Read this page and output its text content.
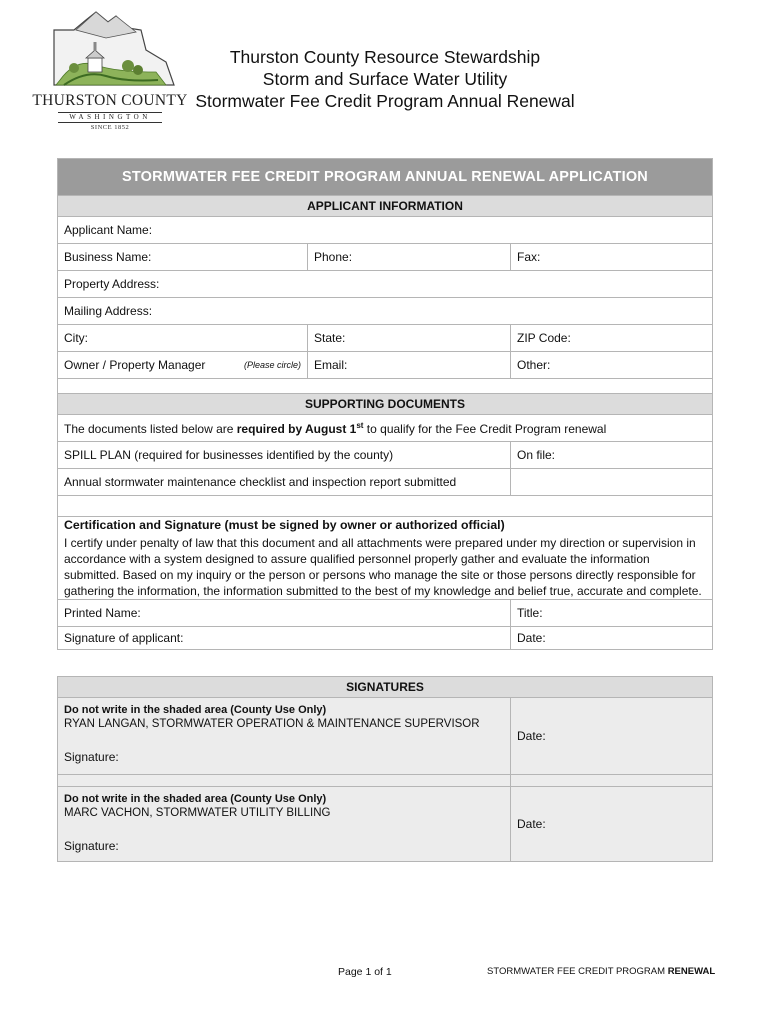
THURSTON COUNTY
WASHINGTON
SINCE 1852
Thurston County Resource Stewardship
Storm and Surface Water Utility
Stormwater Fee Credit Program Annual Renewal
STORMWATER FEE CREDIT PROGRAM ANNUAL RENEWAL APPLICATION		
APPLICANT INFORMATION		
Applicant Name:		
Business Name:	Phone:	Fax:
Property Address:		
Mailing Address:		
City:	State:	ZIP Code:
Owner / Property Manager (Please circle)	Email:	Other:

SUPPORTING DOCUMENTS		
The documents listed below are required by August 1st to qualify for the Fee Credit Program renewal		
SPILL PLAN (required for businesses identified by the county)		On file:
Annual stormwater maintenance checklist and inspection report submitted		

Certification and Signature (must be signed by owner or authorized official)
I certify under penalty of law that this document and all attachments were prepared under my direction or supervision in accordance with a system designed to assure qualified personnel properly gather and evaluate the information submitted. Based on my inquiry or the person or persons who manage the site or those persons directly responsible for gathering the information, the information submitted to the best of my knowledge and belief true, accurate and complete.		
Printed Name:		Title:
Signature of applicant:		Date:

SIGNATURES		

Do not write in the shaded area (County Use Only)
RYAN LANGAN, STORMWATER OPERATION & MAINTENANCE SUPERVISOR
Signature:		Date:

Do not write in the shaded area (County Use Only)
MARC VACHON, STORMWATER UTILITY BILLING
Signature:		Date:
Page 1 of 1	STORMWATER FEE CREDIT PROGRAM RENEWAL
